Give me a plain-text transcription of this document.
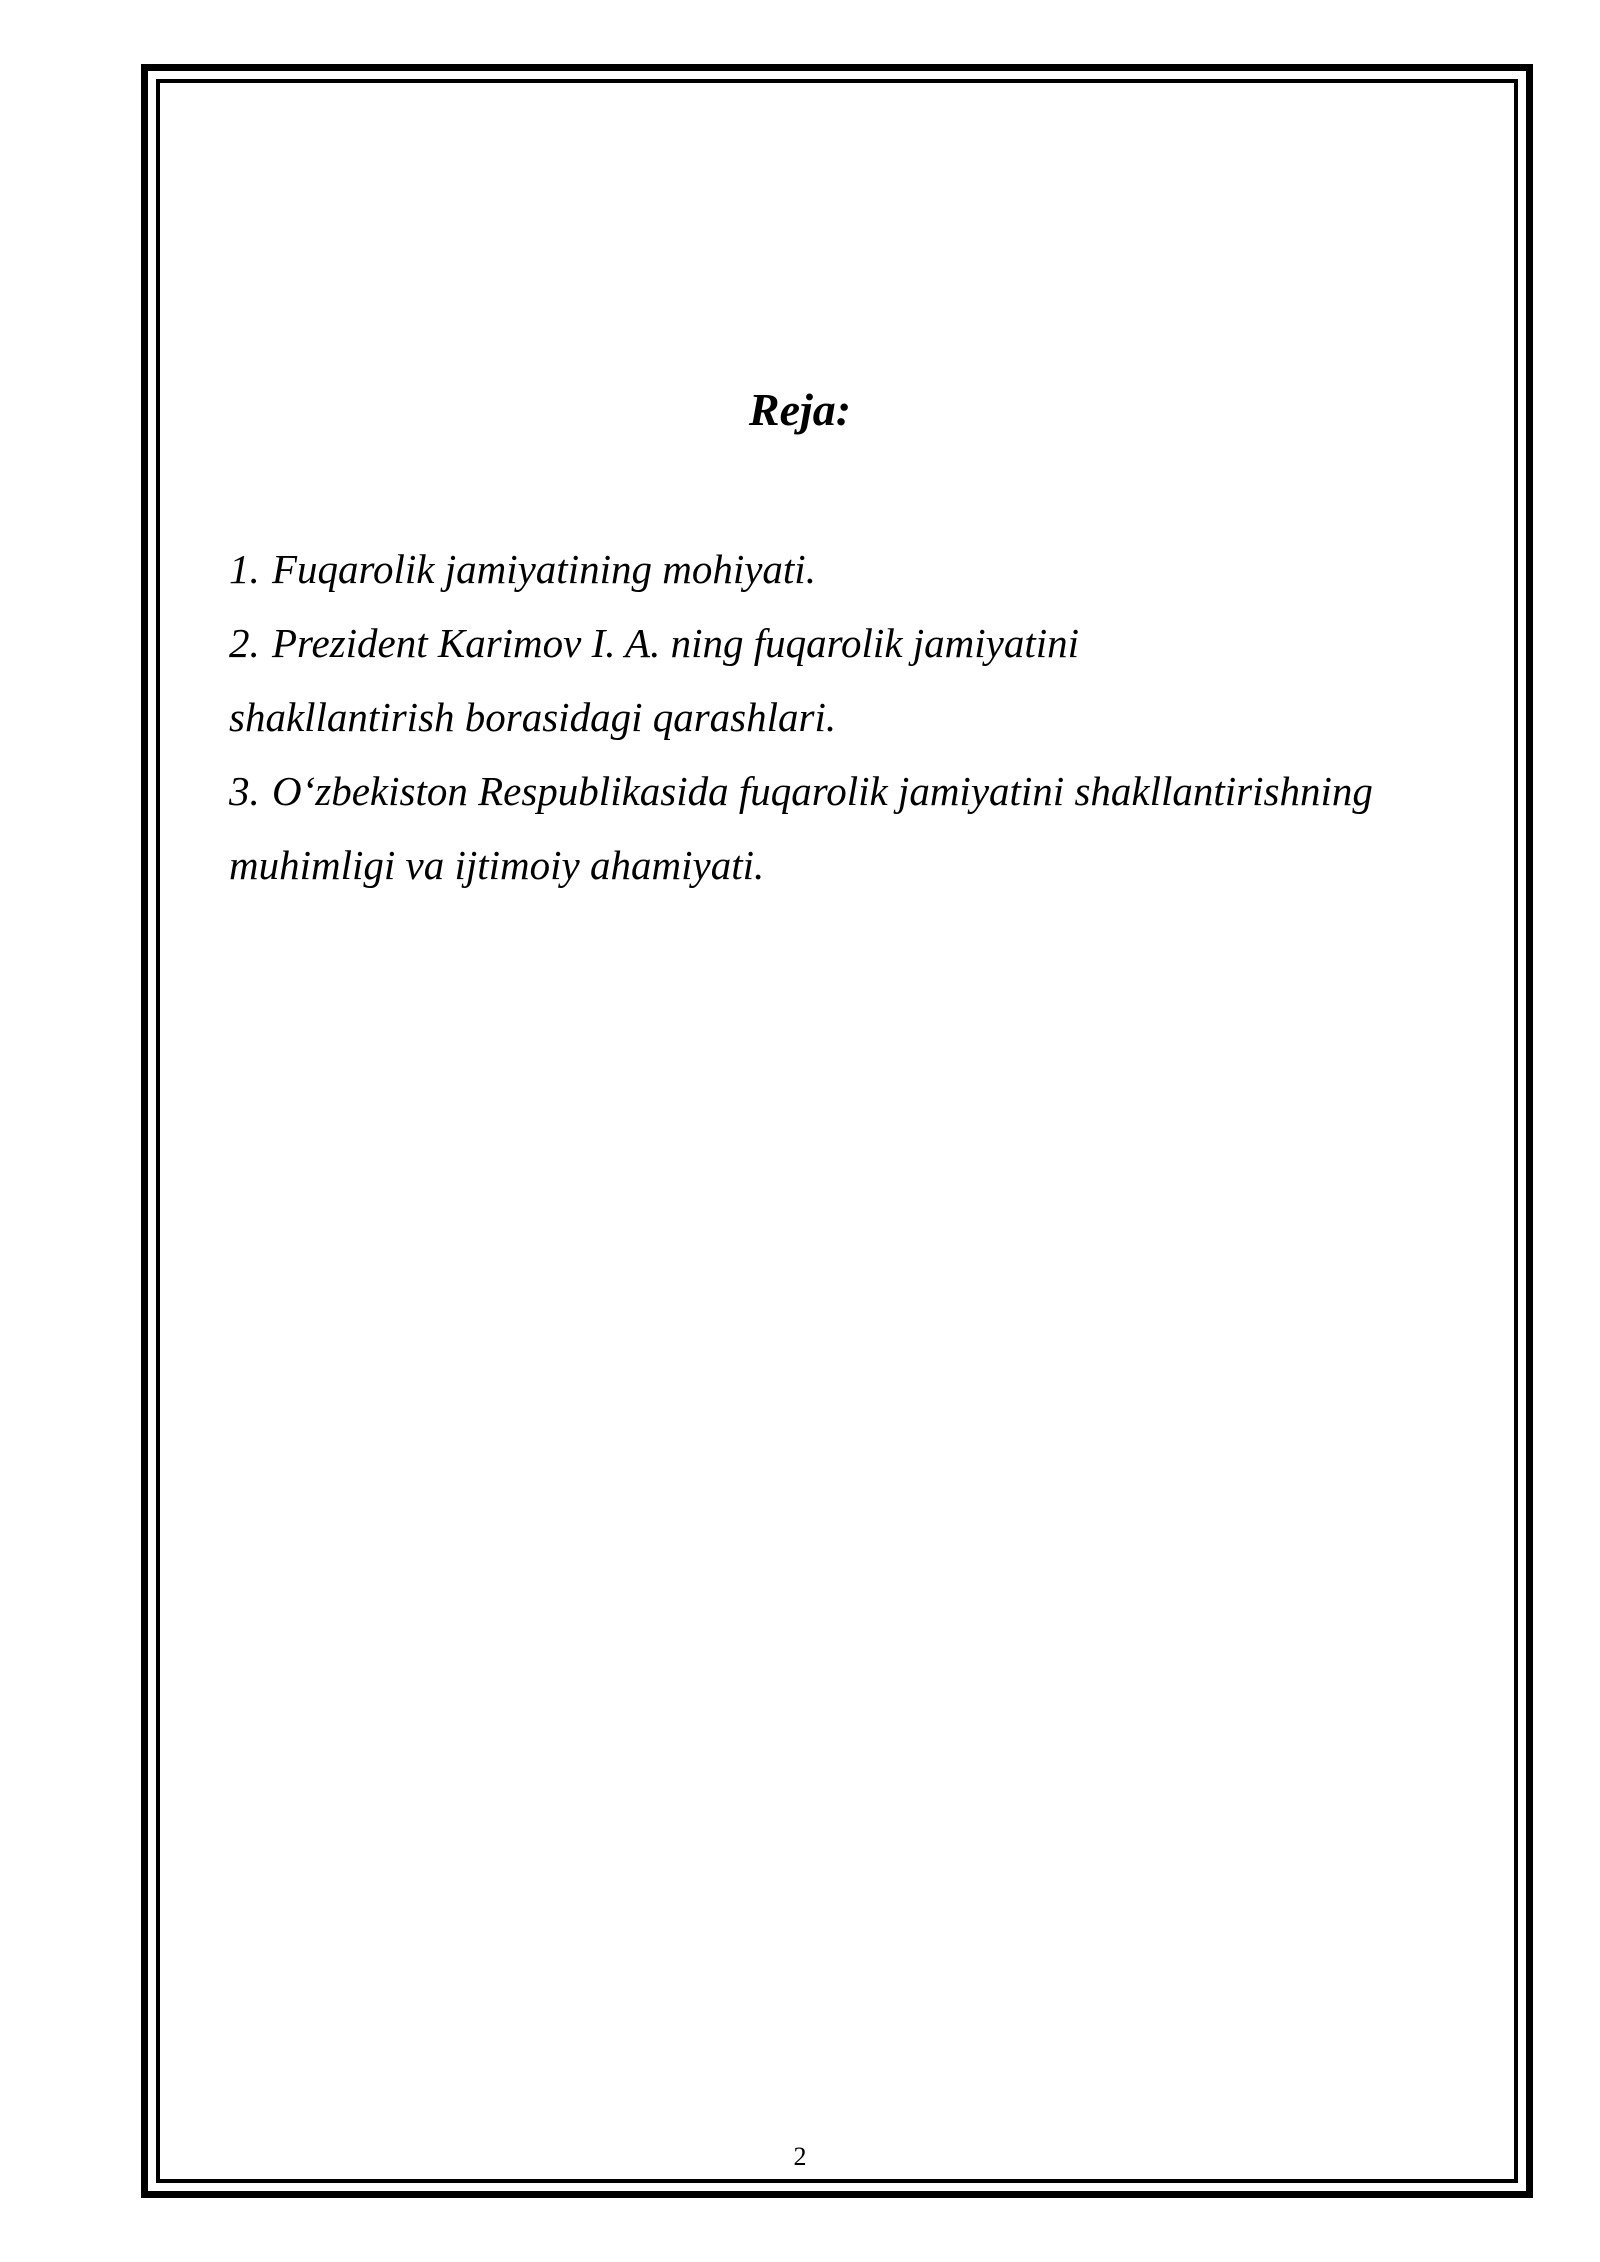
Reja:
1. Fuqarolik jamiyatining mohiyati.
2. Prezident Karimov I. A. ning fuqarolik jamiyatini
shakllantirish borasidagi qarashlari.
3. O‘zbekiston Respublikasida fuqarolik jamiyatini shakllantirishning
muhimligi va ijtimoiy ahamiyati.
2
